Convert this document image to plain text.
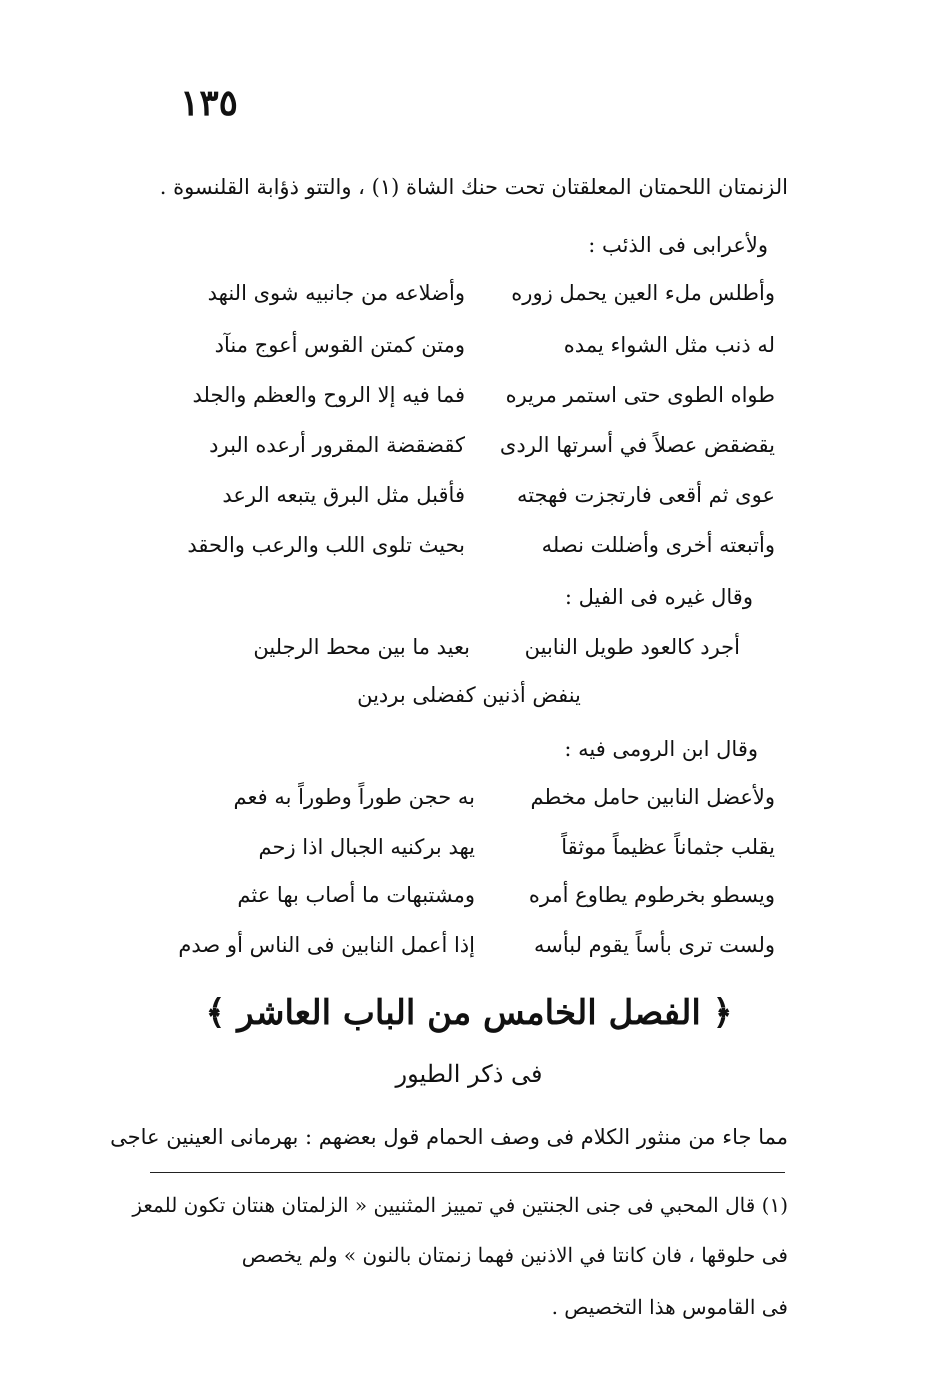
١٣٥
الزنمتان اللحمتان المعلقتان تحت حنك الشاة (١) ، والتتو ذؤابة القلنسوة .
ولأعرابى فى الذئب :
وأطلس ملء العين يحمل زوره
وأضلاعه من جانبيه شوى النهد
له ذنب مثل الشواء يمده
ومتن كمتن القوس أعوج منآد
طواه الطوى حتى استمر مريره
فما فيه إلا الروح والعظم والجلد
يقضقض عصلاً في أسرتها الردى
كقضقضة المقرور أرعده البرد
عوى ثم أقعى فارتجزت فهجته
فأقبل مثل البرق يتبعه الرعد
وأتبعته أخرى وأضللت نصله
بحيث تلوى اللب والرعب والحقد
وقال غيره فى الفيل :
أجرد كالعود طويل النابين
بعيد ما بين محط الرجلين
ينفض أذنين كفضلى بردين
وقال ابن الرومى فيه :
ولأعضل النابين حامل مخطم
به حجن طوراً وطوراً به فعم
يقلب جثماناً عظيماً موثقاً
يهد بركنيه الجبال اذا زحم
ويسطو بخرطوم يطاوع أمره
ومشتبهات ما أصاب بها عثم
ولست ترى بأساً يقوم لبأسه
إذا أعمل النابين فى الناس أو صدم
﴿ الفصل الخامس من الباب العاشر ﴾
فى ذكر الطيور
مما جاء من منثور الكلام فى وصف الحمام قول بعضهم : بهرمانى العينين عاجى
(١) قال المحبي فى جنى الجنتين في تمييز المثنيين « الزلمتان هنتان تكون للمعز
فى حلوقها ، فان كانتا في الاذنين فهما زنمتان بالنون » ولم يخصص
فى القاموس هذا التخصيص .
